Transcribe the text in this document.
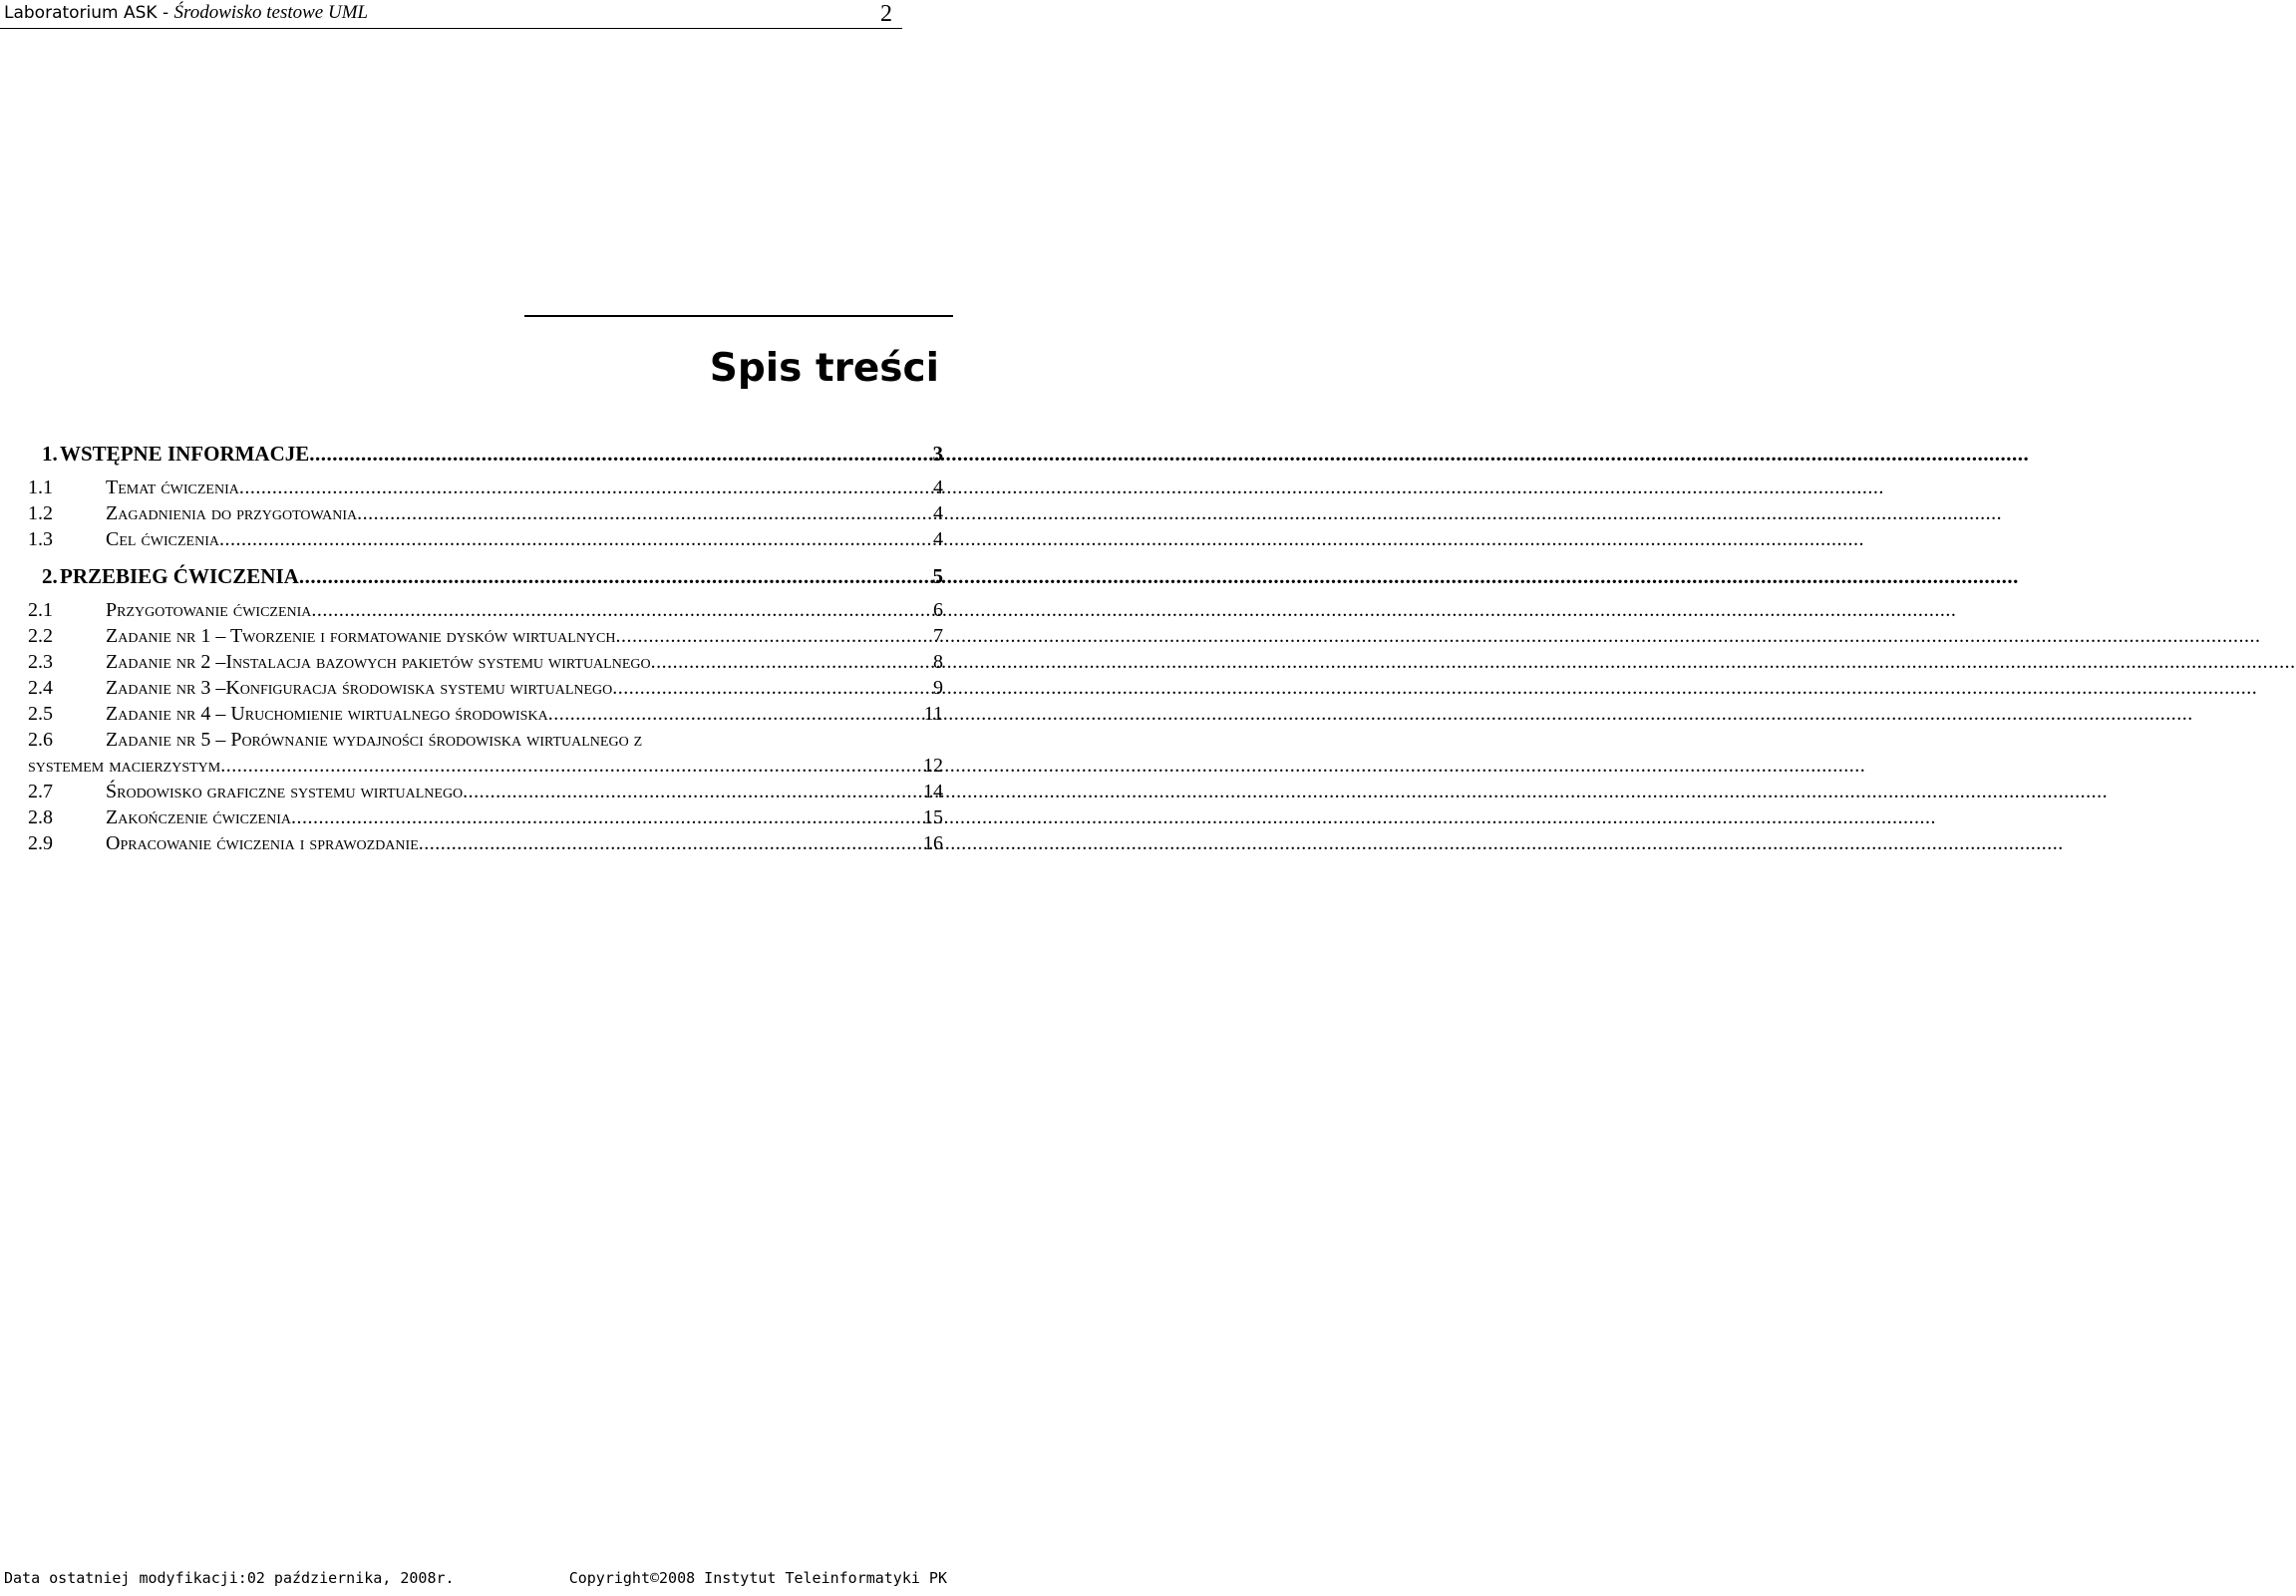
Laboratorium ASK - Środowisko testowe UML	2
Spis treści
1. WSTĘPNE INFORMACJE .....	3
1.1	Temat ćwiczenia .....	4
1.2	Zagadnienia do przygotowania .....	4
1.3	Cel ćwiczenia .....	4
2. PRZEBIEG ĆWICZENIA .....	5
2.1	Przygotowanie ćwiczenia .....	6
2.2	Zadanie nr 1 – Tworzenie i formatowanie dysków wirtualnych .....	7
2.3	Zadanie nr 2 –Instalacja bazowych pakietów systemu wirtualnego .....	8
2.4	Zadanie nr 3 –Konfiguracja środowiska systemu wirtualnego .....	9
2.5	Zadanie nr 4 – Uruchomienie wirtualnego środowiska .....	11
2.6	Zadanie nr 5 – Porównanie wydajności środowiska wirtualnego z
systemem macierzystym .....	12
2.7	Środowisko graficzne systemu wirtualnego .....	14
2.8	Zakończenie ćwiczenia .....	15
2.9	Opracowanie ćwiczenia i sprawozdanie .....	16
Data ostatniej modyfikacji:02 października, 2008r.	Copyright©2008 Instytut Teleinformatyki PK
